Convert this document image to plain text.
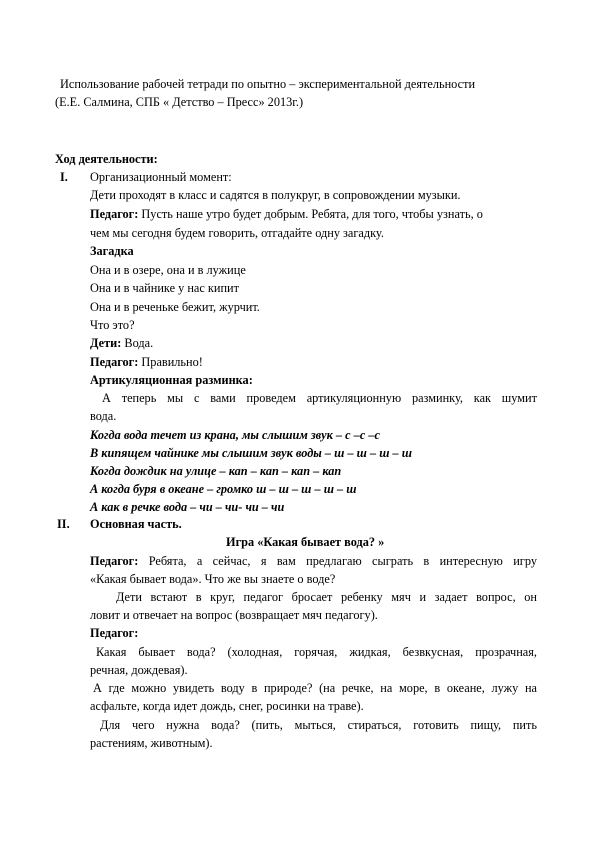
Использование рабочей тетради по опытно – экспериментальной деятельности
(Е.Е. Салмина, СПБ « Детство – Пресс» 2013г.)
Ход деятельности:
I. Организационный момент:
Дети проходят в класс и садятся в полукруг, в сопровождении музыки.
Педагог: Пусть наше утро будет добрым. Ребята, для того, чтобы узнать, о
чем мы сегодня будем говорить, отгадайте одну загадку.
Загадка
Она и в озере, она и в лужице
Она и в чайнике у нас кипит
Она и в реченьке бежит, журчит.
Что это?
Дети: Вода.
Педагог: Правильно!
Артикуляционная разминка:
А теперь мы с вами проведем артикуляционную разминку, как шумит
вода.
Когда вода течет из крана, мы слышим звук – с –с –с
В кипящем чайнике мы слышим звук воды – ш – ш – ш – ш
Когда дождик на улице – кап – кап – кап – кап
А когда буря в океане – громко ш – ш – ш – ш – ш
А как в речке вода – чи – чи- чи – чи
II. Основная часть.
Игра «Какая бывает вода? »
Педагог: Ребята, а сейчас, я вам предлагаю сыграть в интересную игру
«Какая бывает вода». Что же вы знаете о воде?
Дети встают в круг, педагог бросает ребенку мяч и задает вопрос, он
ловит и отвечает на вопрос (возвращает мяч педагогу).
Педагог:
Какая бывает вода? (холодная, горячая, жидкая, безвкусная, прозрачная,
речная, дождевая).
А где можно увидеть воду в природе? (на речке, на море, в океане, лужу на
асфальте, когда идет дождь, снег, росинки на траве).
Для чего нужна вода? (пить, мыться, стираться, готовить пищу, пить
растениям, животным).
